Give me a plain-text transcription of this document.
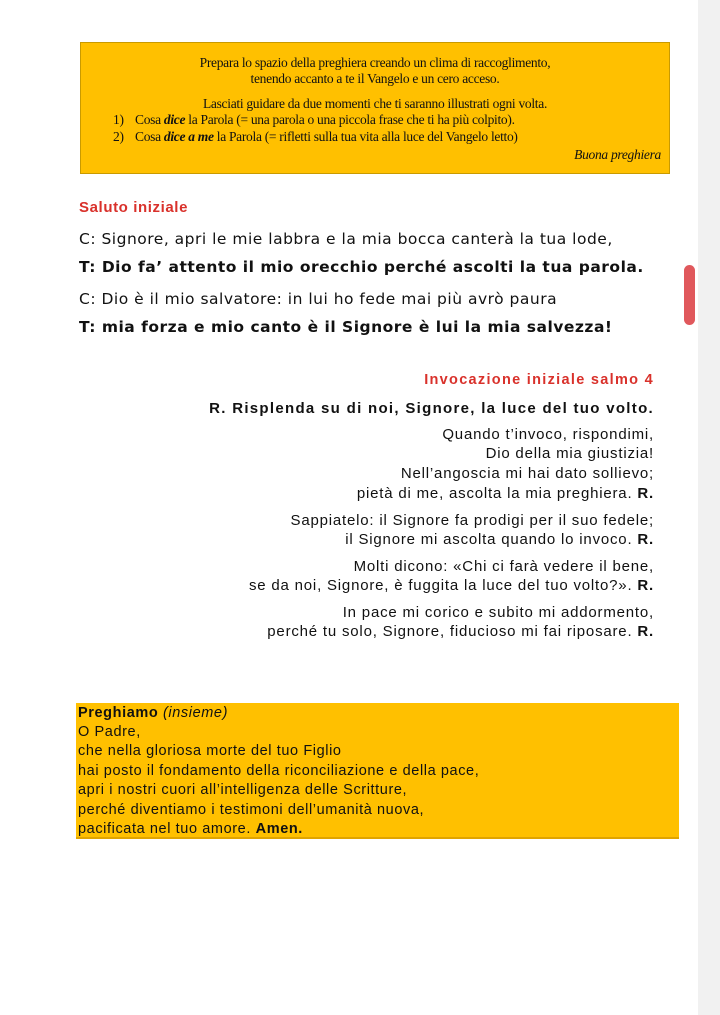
Prepara lo spazio della preghiera creando un clima di raccoglimento,
tenendo accanto a te il Vangelo e un cero acceso.
Lasciati guidare da due momenti che ti saranno illustrati ogni volta.
1) Cosa dice la Parola (= una parola o una piccola frase che ti ha più colpito).
2) Cosa dice a me la Parola (= rifletti sulla tua vita alla luce del Vangelo letto)
Buona preghiera
Saluto iniziale
C: Signore, apri le mie labbra e la mia bocca canterà la tua lode,
T: Dio fa’ attento il mio orecchio perché ascolti la tua parola.
C: Dio è il mio salvatore: in lui ho fede mai più avrò paura
T: mia forza e mio canto è il Signore è lui la mia salvezza!
Invocazione iniziale salmo 4
R. Risplenda su di noi, Signore, la luce del tuo volto.
Quando t’invoco, rispondimi,
Dio della mia giustizia!
Nell’angoscia mi hai dato sollievo;
pietà di me, ascolta la mia preghiera. R.
Sappiatelo: il Signore fa prodigi per il suo fedele;
il Signore mi ascolta quando lo invoco. R.
Molti dicono: «Chi ci farà vedere il bene,
se da noi, Signore, è fuggita la luce del tuo volto?». R.
In pace mi corico e subito mi addormento,
perché tu solo, Signore, fiducioso mi fai riposare. R.
Preghiamo (insieme)
O Padre,
che nella gloriosa morte del tuo Figlio
hai posto il fondamento della riconciliazione e della pace,
apri i nostri cuori all’intelligenza delle Scritture,
perché diventiamo i testimoni dell’umanità nuova,
pacificata nel tuo amore. Amen.
